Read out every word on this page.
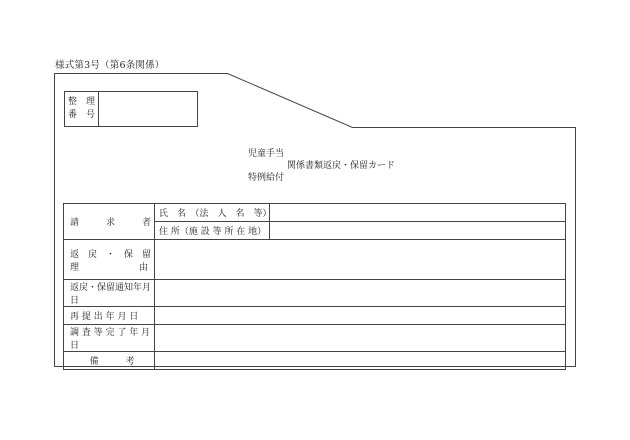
様式第3号（第6条関係）
整　理
番　号
児童手当
関係書類返戻・保留カード
特例給付
請　　　求　　　者	氏　名　（法　人　名　等）	
	住 所（施 設 等 所 在 地）	

返　戻　・　保　留
理 由		

返戻・保留通知年月日		
再 提 出 年 月 日		
調 査 等 完 了 年 月 日		
備　　　考		
